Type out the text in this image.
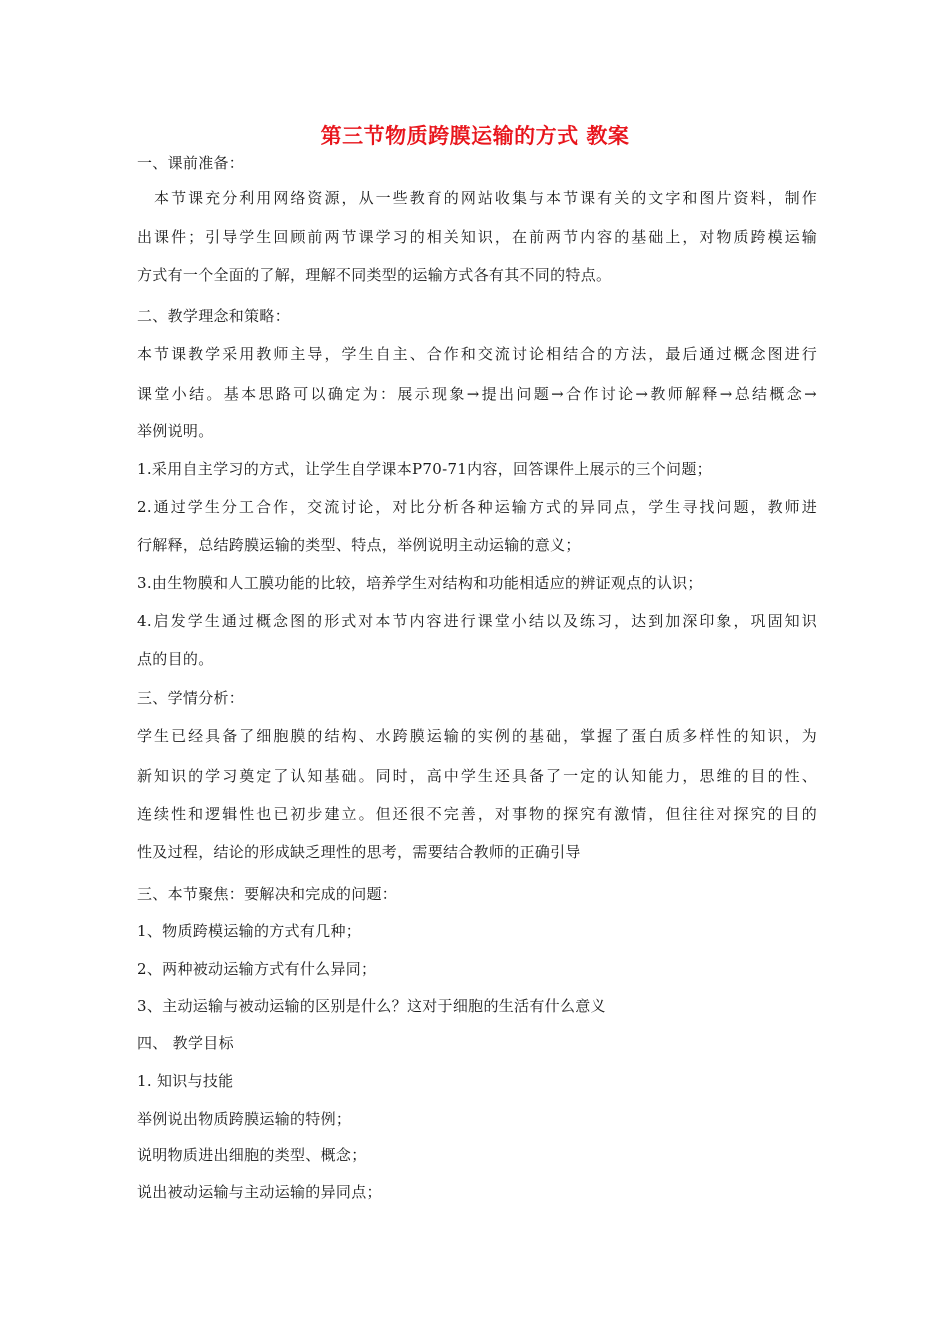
第三节物质跨膜运输的方式 教案
一、课前准备：
　本节课充分利用网络资源，从一些教育的网站收集与本节课有关的文字和图片资料，制作
出课件；引导学生回顾前两节课学习的相关知识，在前两节内容的基础上，对物质跨模运输
方式有一个全面的了解，理解不同类型的运输方式各有其不同的特点。
二、教学理念和策略：
本节课教学采用教师主导，学生自主、合作和交流讨论相结合的方法，最后通过概念图进行
课堂小结。基本思路可以确定为：展示现象→提出问题→合作讨论→教师解释→总结概念→
举例说明。
1.采用自主学习的方式，让学生自学课本P70-71内容，回答课件上展示的三个问题；
2.通过学生分工合作，交流讨论，对比分析各种运输方式的异同点，学生寻找问题，教师进
行解释，总结跨膜运输的类型、特点，举例说明主动运输的意义；
3.由生物膜和人工膜功能的比较，培养学生对结构和功能相适应的辨证观点的认识；
4.启发学生通过概念图的形式对本节内容进行课堂小结以及练习，达到加深印象，巩固知识
点的目的。
三、学情分析：
学生已经具备了细胞膜的结构、水跨膜运输的实例的基础，掌握了蛋白质多样性的知识，为
新知识的学习奠定了认知基础。同时，高中学生还具备了一定的认知能力，思维的目的性、
连续性和逻辑性也已初步建立。但还很不完善，对事物的探究有激情，但往往对探究的目的
性及过程，结论的形成缺乏理性的思考，需要结合教师的正确引导
三、本节聚焦：要解决和完成的问题：
1、物质跨模运输的方式有几种；
2、两种被动运输方式有什么异同；
3、主动运输与被动运输的区别是什么？这对于细胞的生活有什么意义
四、 教学目标
1. 知识与技能
举例说出物质跨膜运输的特例；
说明物质进出细胞的类型、概念；
说出被动运输与主动运输的异同点；
